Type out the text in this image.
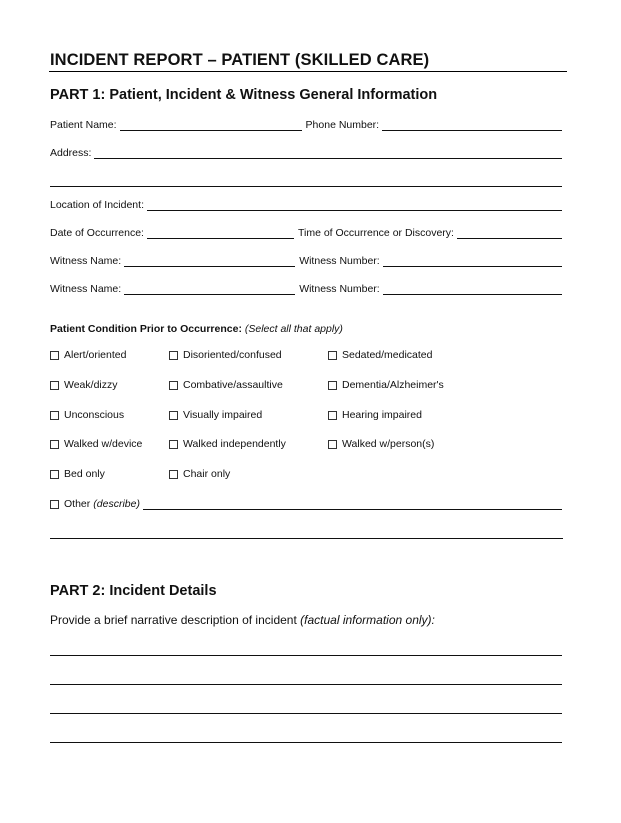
INCIDENT REPORT – PATIENT (SKILLED CARE)
PART 1: Patient, Incident & Witness General Information
Patient Name:	Phone Number:
Address:
Location of Incident:
Date of Occurrence:	Time of Occurrence or Discovery:
Witness Name:	Witness Number:
Witness Name:	Witness Number:
Patient Condition Prior to Occurrence: (Select all that apply)
Alert/oriented	Disoriented/confused	Sedated/medicated
Weak/dizzy	Combative/assaultive	Dementia/Alzheimer's
Unconscious	Visually impaired	Hearing impaired
Walked w/device	Walked independently	Walked w/person(s)
Bed only	Chair only
Other (describe)
PART 2: Incident Details
Provide a brief narrative description of incident (factual information only):
